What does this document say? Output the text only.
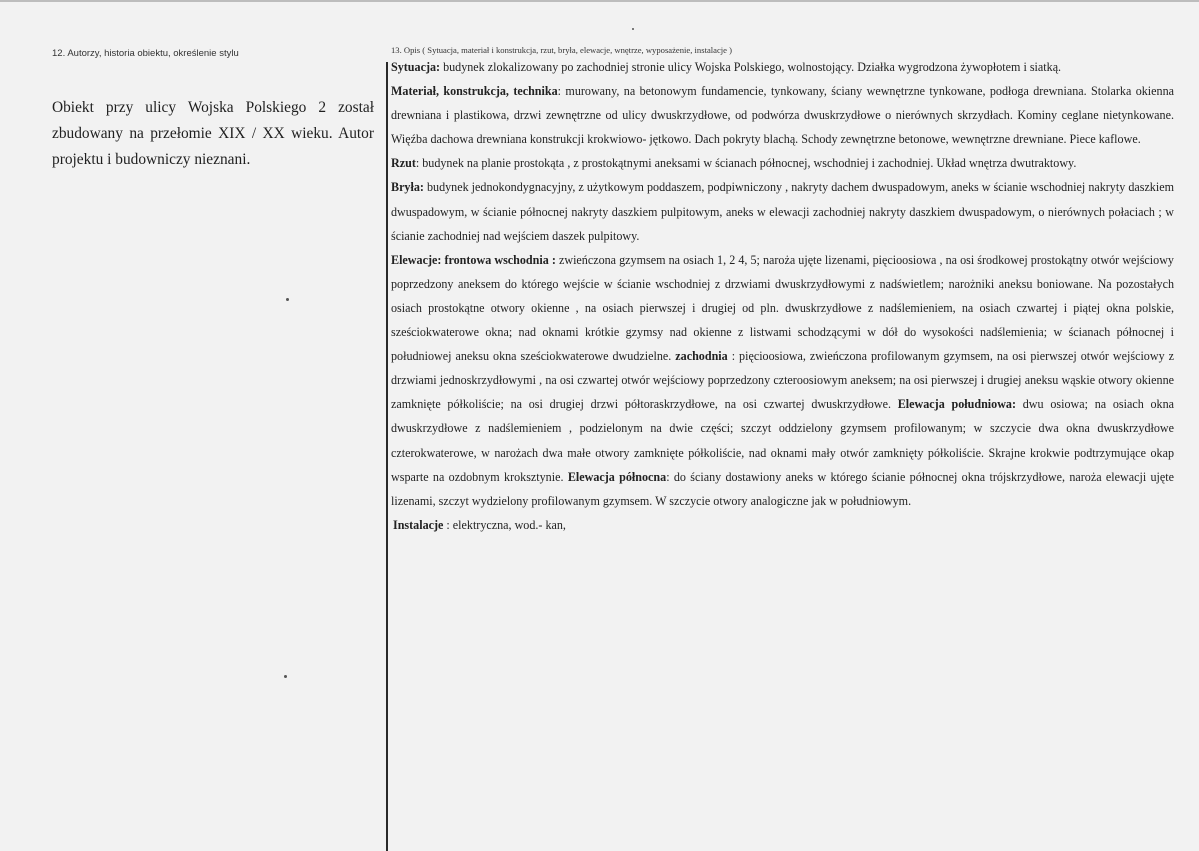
12. Autorzy, historia obiektu, określenie stylu

Obiekt przy ulicy Wojska Polskiego 2 został zbudowany na przełomie XIX / XX wieku. Autor projektu i budowniczy nieznani.

13. Opis ( Sytuacja, materiał i konstrukcja, rzut, bryła, elewacje, wnętrze, wyposażenie, instalacje )

Sytuacja: budynek zlokalizowany po zachodniej stronie ulicy Wojska Polskiego, wolnostojący. Działka wygrodzona żywopłotem i siatką.
Materiał, konstrukcja, technika: murowany, na betonowym fundamencie, tynkowany, ściany wewnętrzne tynkowane, podłoga drewniana. Stolarka okienna drewniana i plastikowa, drzwi zewnętrzne od ulicy dwuskrzydłowe, od podwórza dwuskrzydłowe o nierównych skrzydłach. Kominy ceglane nietynkowane. Więźba dachowa drewniana konstrukcji krokwiowo- jętkowo. Dach pokryty blachą. Schody zewnętrzne betonowe, wewnętrzne drewniane. Piece kaflowe.
Rzut: budynek na planie prostokąta , z prostokątnymi aneksami w ścianach północnej, wschodniej i zachodniej. Układ wnętrza dwutraktowy.
Bryła: budynek jednokondygnacyjny, z użytkowym poddaszem, podpiwniczony , nakryty dachem dwuspadowym, aneks w ścianie wschodniej nakryty daszkiem dwuspadowym, w ścianie północnej nakryty daszkiem pulpitowym, aneks w elewacji zachodniej nakryty daszkiem dwuspadowym, o nierównych połaciach ; w ścianie zachodniej nad wejściem daszek pulpitowy.
Elewacje: frontowa wschodnia : zwieńczona gzymsem na osiach 1, 2 4, 5; naroża ujęte lizenami, pięcioosiowa , na osi środkowej prostokątny otwór wejściowy poprzedzony aneksem do którego wejście w ścianie wschodniej z drzwiami dwuskrzydłowymi z nadświetlem; narożniki aneksu boniowane. Na pozostałych osiach prostokątne otwory okienne , na osiach pierwszej i drugiej od pln. dwuskrzydłowe z nadślemieniem, na osiach czwartej i piątej okna polskie, sześciokwaterowe okna; nad oknami krótkie gzymsy nad okienne z listwami schodzącymi w dół do wysokości nadślemienia; w ścianach północnej i południowej aneksu okna sześciokwaterowe dwudzielne. zachodnia : pięcioosiowa, zwieńczona profilowanym gzymsem, na osi pierwszej otwór wejściowy z drzwiami jednoskrzydłowymi , na osi czwartej otwór wejściowy poprzedzony czteroosiowym aneksem; na osi pierwszej i drugiej aneksu wąskie otwory okienne zamknięte półkoliście; na osi drugiej drzwi półtoraskrzydłowe, na osi czwartej dwuskrzydłowe. Elewacja południowa: dwu osiowa; na osiach okna dwuskrzydłowe z nadślemieniem , podzielonym na dwie części; szczyt oddzielony gzymsem profilowanym; w szczycie dwa okna dwuskrzydłowe czterokwaterowe, w narożach dwa małe otwory zamknięte półkoliście, nad oknami mały otwór zamknięty półkoliście. Skrajne krokwie podtrzymujące okap wsparte na ozdobnym kroksztynie. Elewacja północna: do ściany dostawiony aneks w którego ścianie północnej okna trójskrzydłowe, naroża elewacji ujęte lizenami, szczyt wydzielony profilowanym gzymsem. W szczycie otwory analogiczne jak w południowym.

Instalacje : elektryczna, wod.- kan,
